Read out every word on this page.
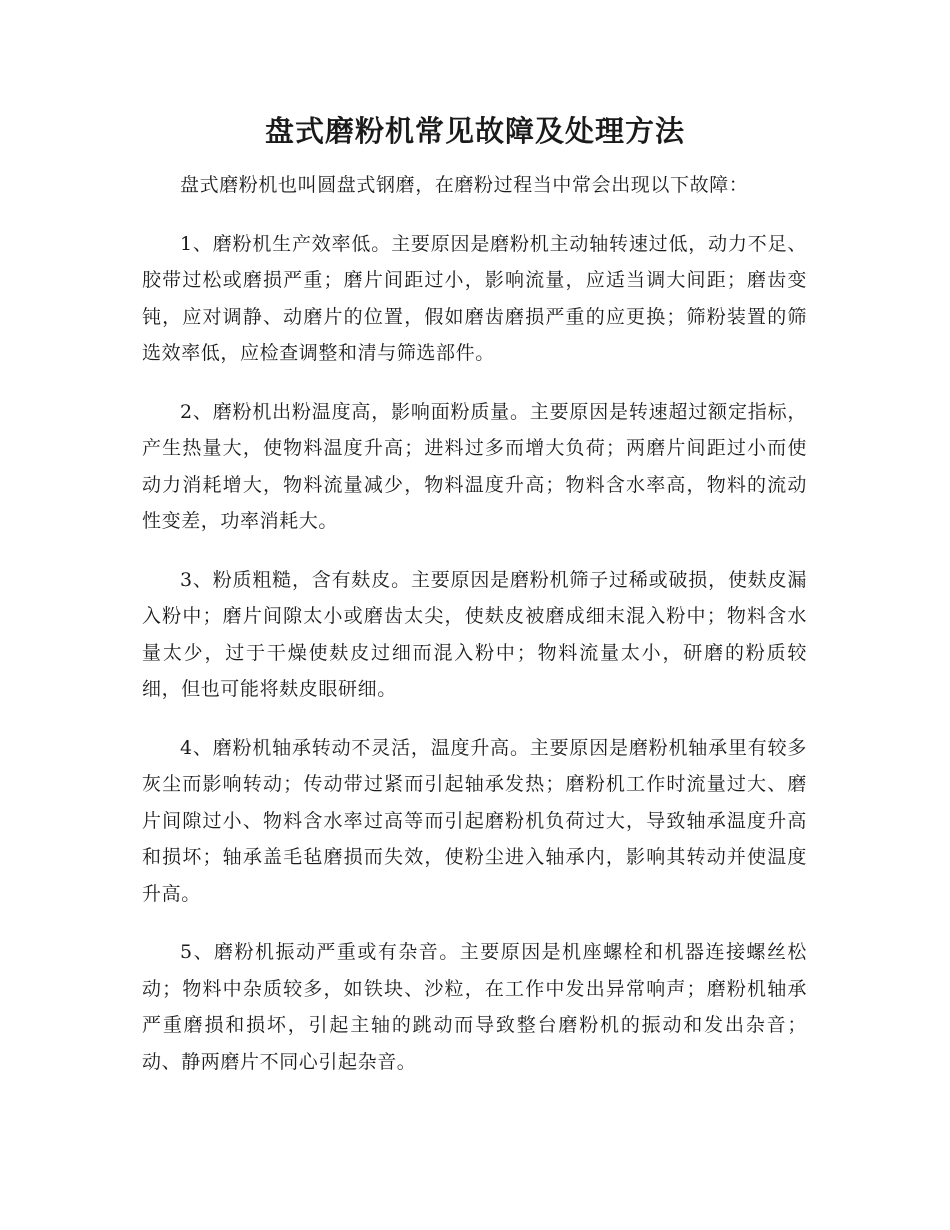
盘式磨粉机常见故障及处理方法

盘式磨粉机也叫圆盘式钢磨，在磨粉过程当中常会出现以下故障：

1、磨粉机生产效率低。主要原因是磨粉机主动轴转速过低，动力不足、胶带过松或磨损严重；磨片间距过小，影响流量，应适当调大间距；磨齿变钝，应对调静、动磨片的位置，假如磨齿磨损严重的应更换；筛粉装置的筛选效率低，应检查调整和清与筛选部件。

2、磨粉机出粉温度高，影响面粉质量。主要原因是转速超过额定指标，产生热量大，使物料温度升高；进料过多而增大负荷；两磨片间距过小而使动力消耗增大，物料流量减少，物料温度升高；物料含水率高，物料的流动性变差，功率消耗大。

3、粉质粗糙，含有麸皮。主要原因是磨粉机筛子过稀或破损，使麸皮漏入粉中；磨片间隙太小或磨齿太尖，使麸皮被磨成细末混入粉中；物料含水量太少，过于干燥使麸皮过细而混入粉中；物料流量太小，研磨的粉质较细，但也可能将麸皮眼研细。

4、磨粉机轴承转动不灵活，温度升高。主要原因是磨粉机轴承里有较多灰尘而影响转动；传动带过紧而引起轴承发热；磨粉机工作时流量过大、磨片间隙过小、物料含水率过高等而引起磨粉机负荷过大，导致轴承温度升高和损坏；轴承盖毛毡磨损而失效，使粉尘进入轴承内，影响其转动并使温度升高。

5、磨粉机振动严重或有杂音。主要原因是机座螺栓和机器连接螺丝松动；物料中杂质较多，如铁块、沙粒，在工作中发出异常响声；磨粉机轴承严重磨损和损坏，引起主轴的跳动而导致整台磨粉机的振动和发出杂音；动、静两磨片不同心引起杂音。
